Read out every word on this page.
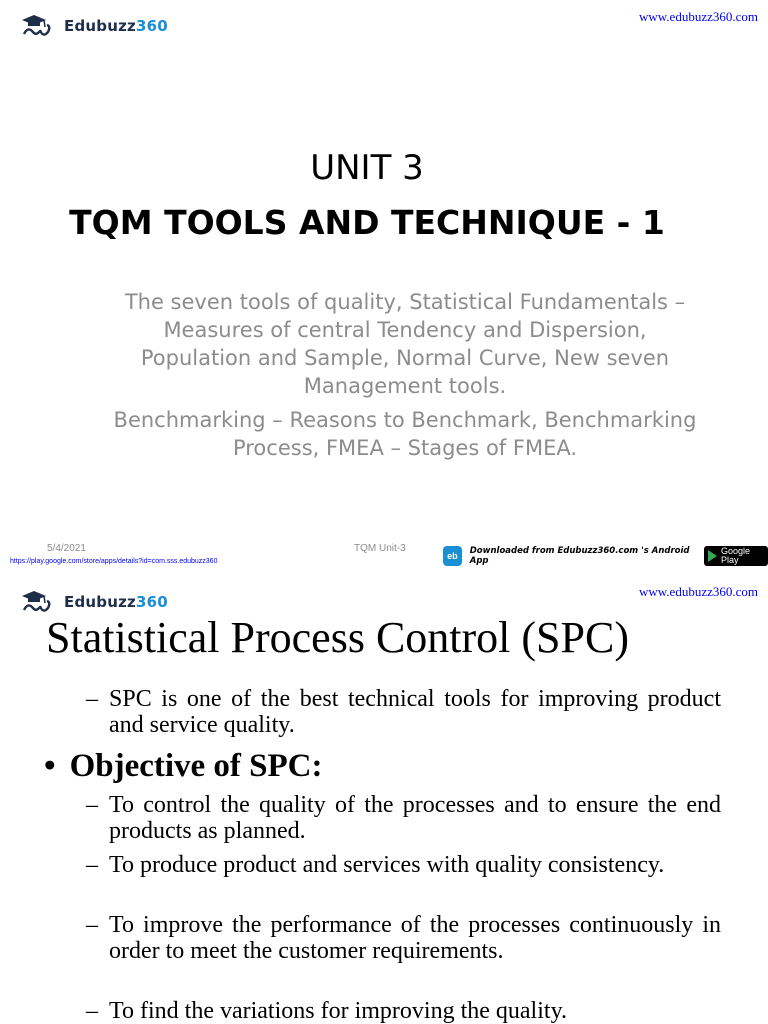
Edubuzz360
www.edubuzz360.com
UNIT 3
TQM TOOLS AND TECHNIQUE - 1
The seven tools of quality, Statistical Fundamentals – Measures of central Tendency and Dispersion, Population and Sample, Normal Curve, New seven Management tools.
Benchmarking – Reasons to Benchmark, Benchmarking Process, FMEA – Stages of FMEA.
5/4/2021	TQM Unit-3
https://play.google.com/store/apps/details?id=com.sss.edubuzz360
eb	Downloaded from Edubuzz360.com 's Android App
Google Play
Edubuzz360
www.edubuzz360.com
Statistical Process Control (SPC)
– SPC is one of the best technical tools for improving product and service quality.
• Objective of SPC:
– To control the quality of the processes and to ensure the end products as planned.
– To produce product and services with quality consistency.
– To improve the performance of the processes continuously in order to meet the customer requirements.
– To find the variations for improving the quality.
